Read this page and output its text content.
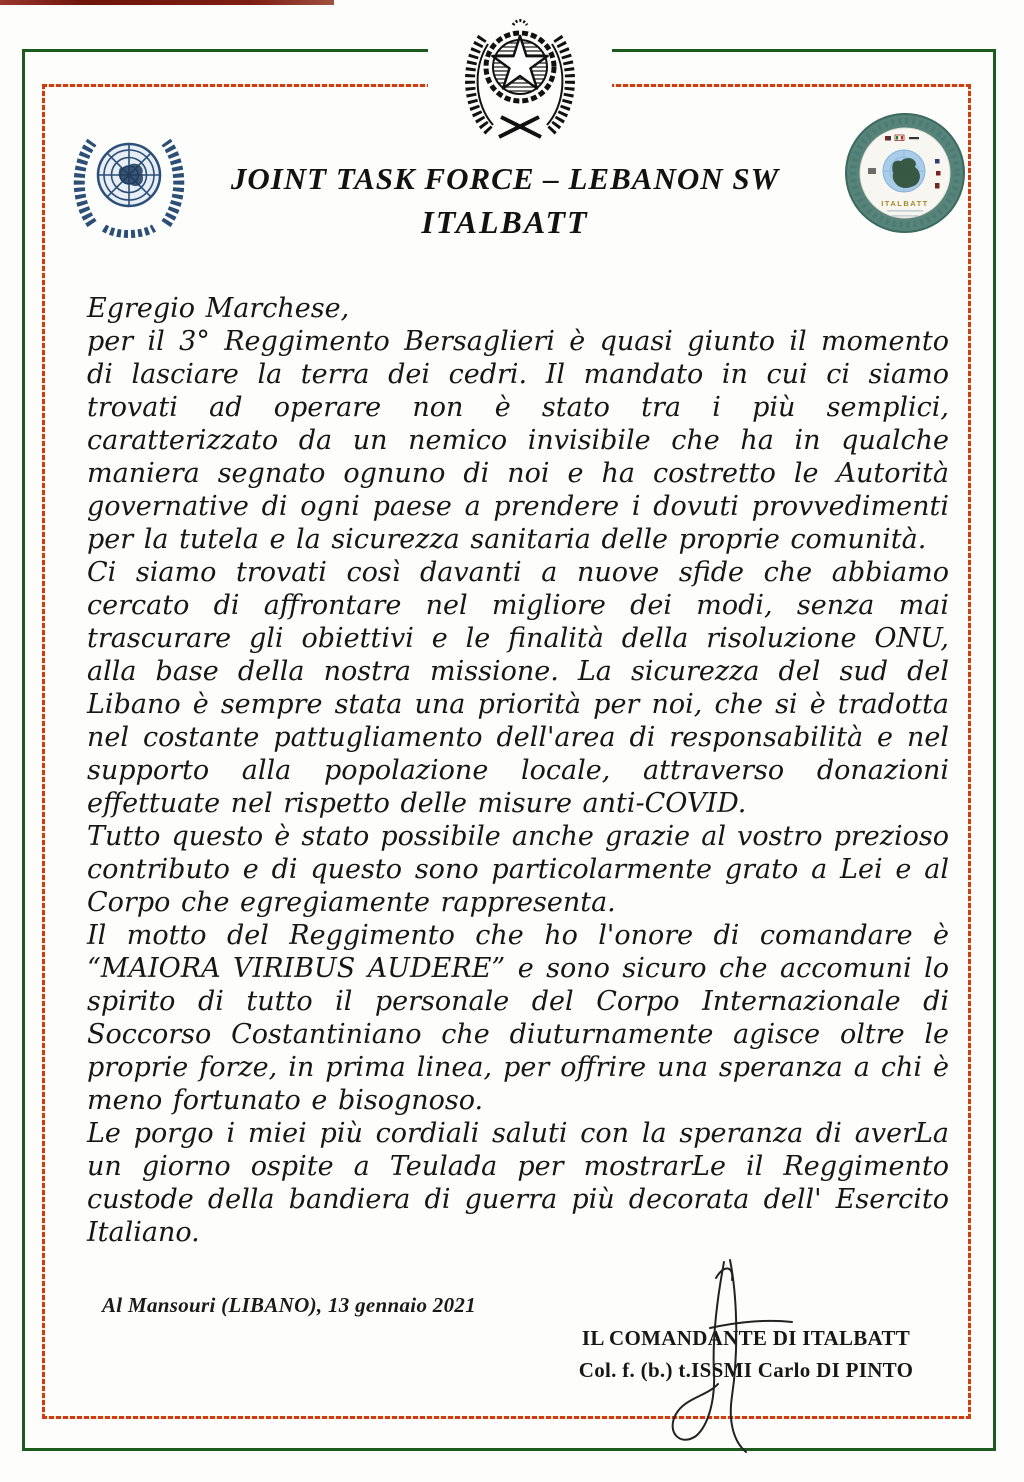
ITALBATT
JOINT TASK FORCE – LEBANON SW
ITALBATT

Egregio Marchese,

per il 3° Reggimento Bersaglieri è quasi giunto il momento di lasciare la terra dei cedri. Il mandato in cui ci siamo trovati ad operare non è stato tra i più semplici, caratterizzato da un nemico invisibile che ha in qualche maniera segnato ognuno di noi e ha costretto le Autorità governative di ogni paese a prendere i dovuti provvedimenti per la tutela e la sicurezza sanitaria delle proprie comunità.

Ci siamo trovati così davanti a nuove sfide che abbiamo cercato di affrontare nel migliore dei modi, senza mai trascurare gli obiettivi e le finalità della risoluzione ONU, alla base della nostra missione. La sicurezza del sud del Libano è sempre stata una priorità per noi, che si è tradotta nel costante pattugliamento dell'area di responsabilità e nel supporto alla popolazione locale, attraverso donazioni effettuate nel rispetto delle misure anti-COVID.

Tutto questo è stato possibile anche grazie al vostro prezioso contributo e di questo sono particolarmente grato a Lei e al Corpo che egregiamente rappresenta.

Il motto del Reggimento che ho l'onore di comandare è “MAIORA VIRIBUS AUDERE” e sono sicuro che accomuni lo spirito di tutto il personale del Corpo Internazionale di Soccorso Costantiniano che diuturnamente agisce oltre le proprie forze, in prima linea, per offrire una speranza a chi è meno fortunato e bisognoso.

Le porgo i miei più cordiali saluti con la speranza di averLa un giorno ospite a Teulada per mostrarLe il Reggimento custode della bandiera di guerra più decorata dell' Esercito Italiano.

Al Mansouri (LIBANO), 13 gennaio 2021
IL COMANDANTE DI ITALBATT
Col. f. (b.) t.ISSMI Carlo DI PINTO
